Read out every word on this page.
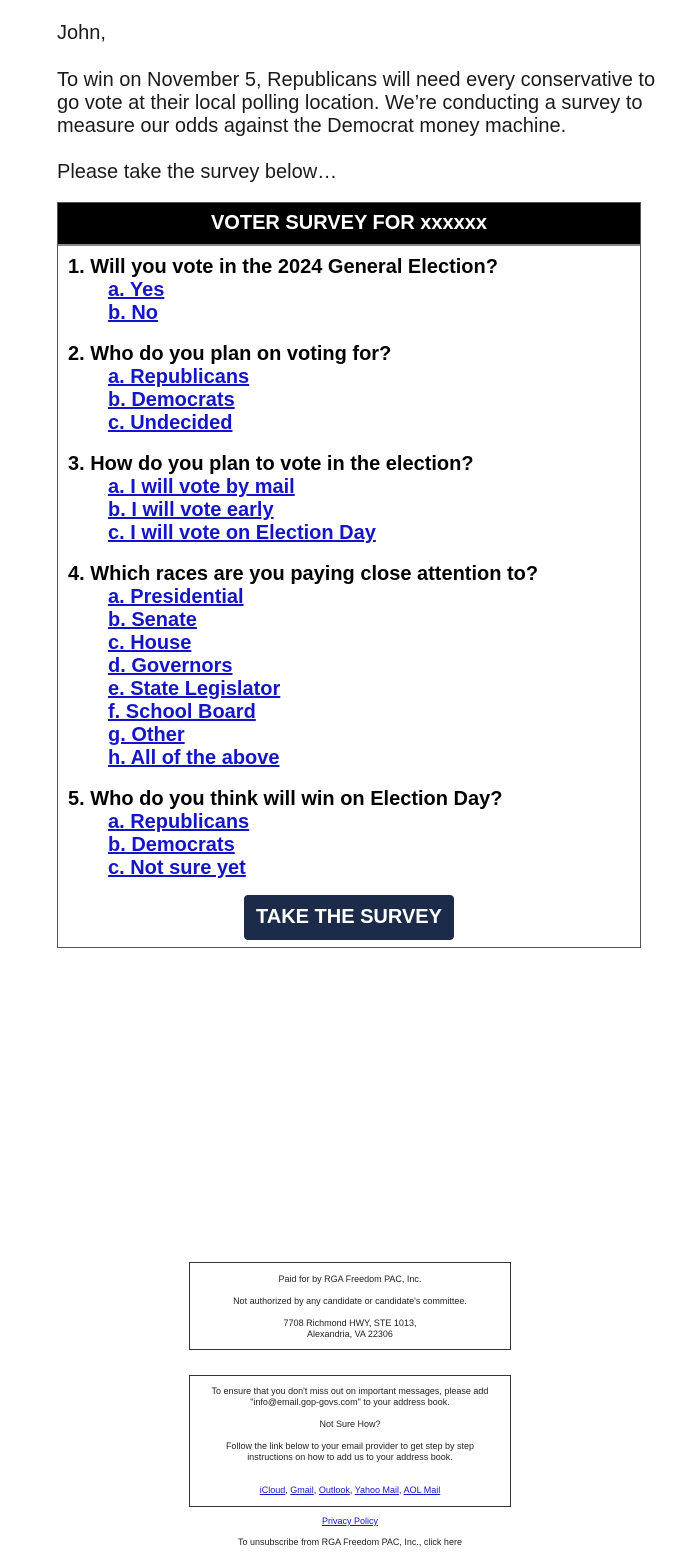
John,
To win on November 5, Republicans will need every conservative to go vote at their local polling location. We’re conducting a survey to measure our odds against the Democrat money machine.
Please take the survey below…
VOTER SURVEY FOR xxxxxx
1. Will you vote in the 2024 General Election?
a. Yes
b. No
2. Who do you plan on voting for?
a. Republicans
b. Democrats
c. Undecided
3. How do you plan to vote in the election?
a. I will vote by mail
b. I will vote early
c. I will vote on Election Day
4. Which races are you paying close attention to?
a. Presidential
b. Senate
c. House
d. Governors
e. State Legislator
f. School Board
g. Other
h. All of the above
5. Who do you think will win on Election Day?
a. Republicans
b. Democrats
c. Not sure yet
TAKE THE SURVEY

Paid for by RGA Freedom PAC, Inc.

Not authorized by any candidate or candidate's committee.

7708 Richmond HWY, STE 1013,
Alexandria, VA 22306

To ensure that you don't miss out on important messages, please add "info@email.gop-govs.com" to your address book.

Not Sure How?

Follow the link below to your email provider to get step by step instructions on how to add us to your address book.

iCloud, Gmail, Outlook, Yahoo Mail, AOL Mail
Privacy Policy
To unsubscribe from RGA Freedom PAC, Inc., click here
